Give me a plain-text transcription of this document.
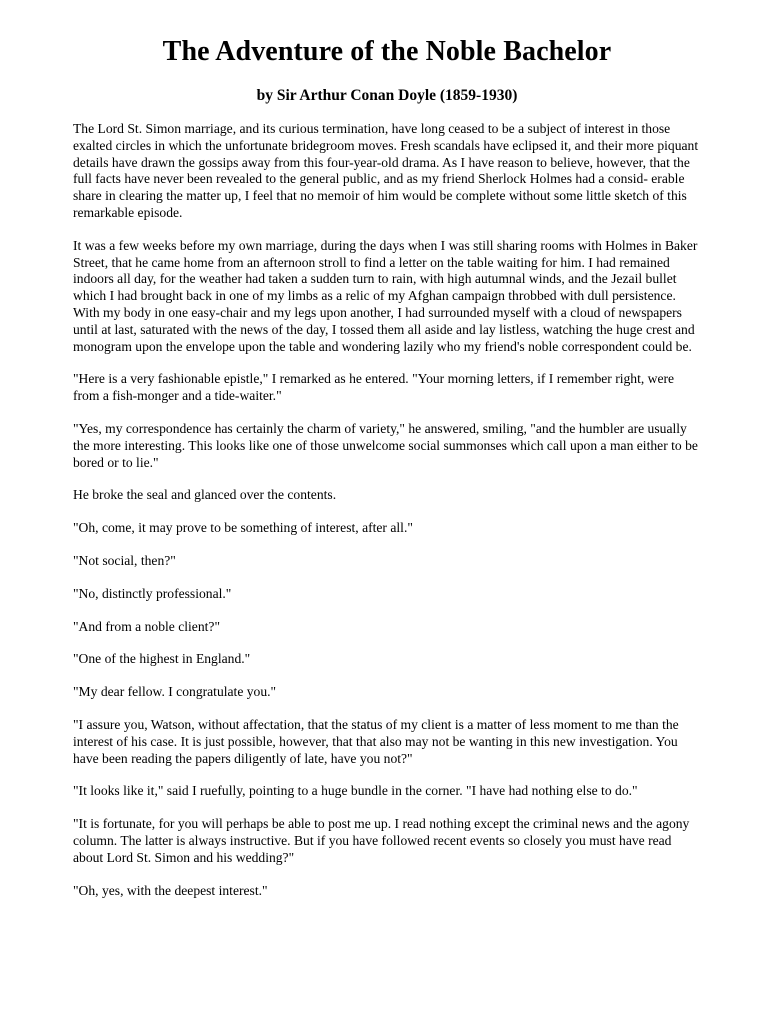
The Adventure of the Noble Bachelor
by Sir Arthur Conan Doyle (1859-1930)

The Lord St. Simon marriage, and its curious termination, have long ceased to be a subject of interest in those exalted circles in which the unfortunate bridegroom moves. Fresh scandals have eclipsed it, and their more piquant details have drawn the gossips away from this four-year-old drama. As I have reason to believe, however, that the full facts have never been revealed to the general public, and as my friend Sherlock Holmes had a consid- erable share in clearing the matter up, I feel that no memoir of him would be complete without some little sketch of this remarkable episode.

It was a few weeks before my own marriage, during the days when I was still sharing rooms with Holmes in Baker Street, that he came home from an afternoon stroll to find a letter on the table waiting for him. I had remained indoors all day, for the weather had taken a sudden turn to rain, with high autumnal winds, and the Jezail bullet which I had brought back in one of my limbs as a relic of my Afghan campaign throbbed with dull persistence. With my body in one easy-chair and my legs upon another, I had surrounded myself with a cloud of newspapers until at last, saturated with the news of the day, I tossed them all aside and lay listless, watching the huge crest and monogram upon the envelope upon the table and wondering lazily who my friend's noble correspondent could be.

"Here is a very fashionable epistle," I remarked as he entered. "Your morning letters, if I remember right, were from a fish-monger and a tide-waiter."

"Yes, my correspondence has certainly the charm of variety," he answered, smiling, "and the humbler are usually the more interesting. This looks like one of those unwelcome social summonses which call upon a man either to be bored or to lie."

He broke the seal and glanced over the contents.

"Oh, come, it may prove to be something of interest, after all."

"Not social, then?"

"No, distinctly professional."

"And from a noble client?"

"One of the highest in England."

"My dear fellow. I congratulate you."

"I assure you, Watson, without affectation, that the status of my client is a matter of less moment to me than the interest of his case. It is just possible, however, that that also may not be wanting in this new investigation. You have been reading the papers diligently of late, have you not?"

"It looks like it," said I ruefully, pointing to a huge bundle in the corner. "I have had nothing else to do."

"It is fortunate, for you will perhaps be able to post me up. I read nothing except the criminal news and the agony column. The latter is always instructive. But if you have followed recent events so closely you must have read about Lord St. Simon and his wedding?"

"Oh, yes, with the deepest interest."
